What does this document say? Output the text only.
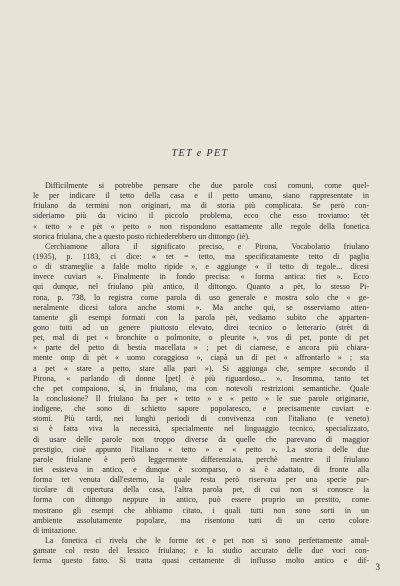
TET e PET
Difficilmente si potrebbe pensare che due parole così comuni, come quel-
le per indicare il tetto della casa e il petto umano, siano rappresentate in
friulano da termini non originari, ma di storia più complicata. Se però con-
sideriamo più da vicino il piccolo problema, ecco che esso troviamo: tèt
« tetto » e pèt « petto » non rispondono esattamente alle regole della fonetica
storica friulana, che a questo posto richiederebbero un dittongo (iè).
Cerchiamone allora il significato preciso, e Pirona, Vocabolario friulano
(1935), p. 1183, ci dice: « tet = tetto, ma specificatamente tetto di paglia
o di strameglie a falde molto ripide », e aggiunge « il tetto di tegole... dicesi
invece cuviart ». Finalmente in fondo precisa: « forma antica: tiet ». Ecco
qui dunque, nel friulano più antico, il dittongo. Quanto a pèt, lo stesso Pi-
rona, p. 738, lo registra come parola di uso generale e mostra solo che « ge-
neralmente dicesi talora anche stomi ». Ma anche qui, se osserviamo atten-
tamente gli esempi formati con la parola pèt, vediamo subito che apparten-
gono tutti ad un genere piuttosto elevato, direi tecnico o letterario (strèt di
pet, mal di pet « bronchite o polmonite, o pleurite », vos di pet, ponte di pet
« parte del petto di bestia macellata » ; pet di ciamese, e ancora più chiara-
mente omp di pèt « uomo coraggioso », ciapà un di pet « affrontarlo » ; sta
a pet « stare a petto, stare alla pari »). Si aggiunga che, sempre secondo il
Pirona, « parlando di donne [pet] è più riguardoso... ». Insomma, tanto tet
che pet compaiono, sì, in friulano, ma con notevoli restrizioni semantiche. Quale
la conclusione? Il friulano ha per « tetto » e « petto » le sue parole originarie,
indigene, che sono di schietto sapore popolaresco, e precisamente cuviart e
stomi. Più tardi, nei lunghi periodi di convivenza con l'italiano (e veneto)
si è fatta viva la necessità, specialmente nel linguaggio tecnico, specializzato,
di usare delle parole non troppo diverse da quelle che parevano di maggior
prestigio, cioè appunto l'italiano « tetto » e « petto ». La storia delle due
parole friulane è però leggermente differenziata, perchè mentre il friulano
tiet esisteva in antico, e dunque è scomparso, o si è adattato, di fronte alla
forma tet venuta dall'esterno, la quale resta però riservata per una specie par-
ticolare di copertura della casa, l'altra parola pet, di cui non si conosce la
forma con dittongo neppure in antico, può essere proprio un prestito, come
mostrano gli esempi che abbiamo citato, i quali tutti non sono sorti in un
ambiente assolutamente popolare, ma risentono tutti di un certo colore
di imitazione.
La fonetica ci rivela che le forme tet e pet non si sono perfettamente amal-
gamate col resto del lessico friulano; e lo studio accurato delle due voci con-
ferma questo fatto. Si tratta quasi certamente di influsso molto antico e dif-
3
